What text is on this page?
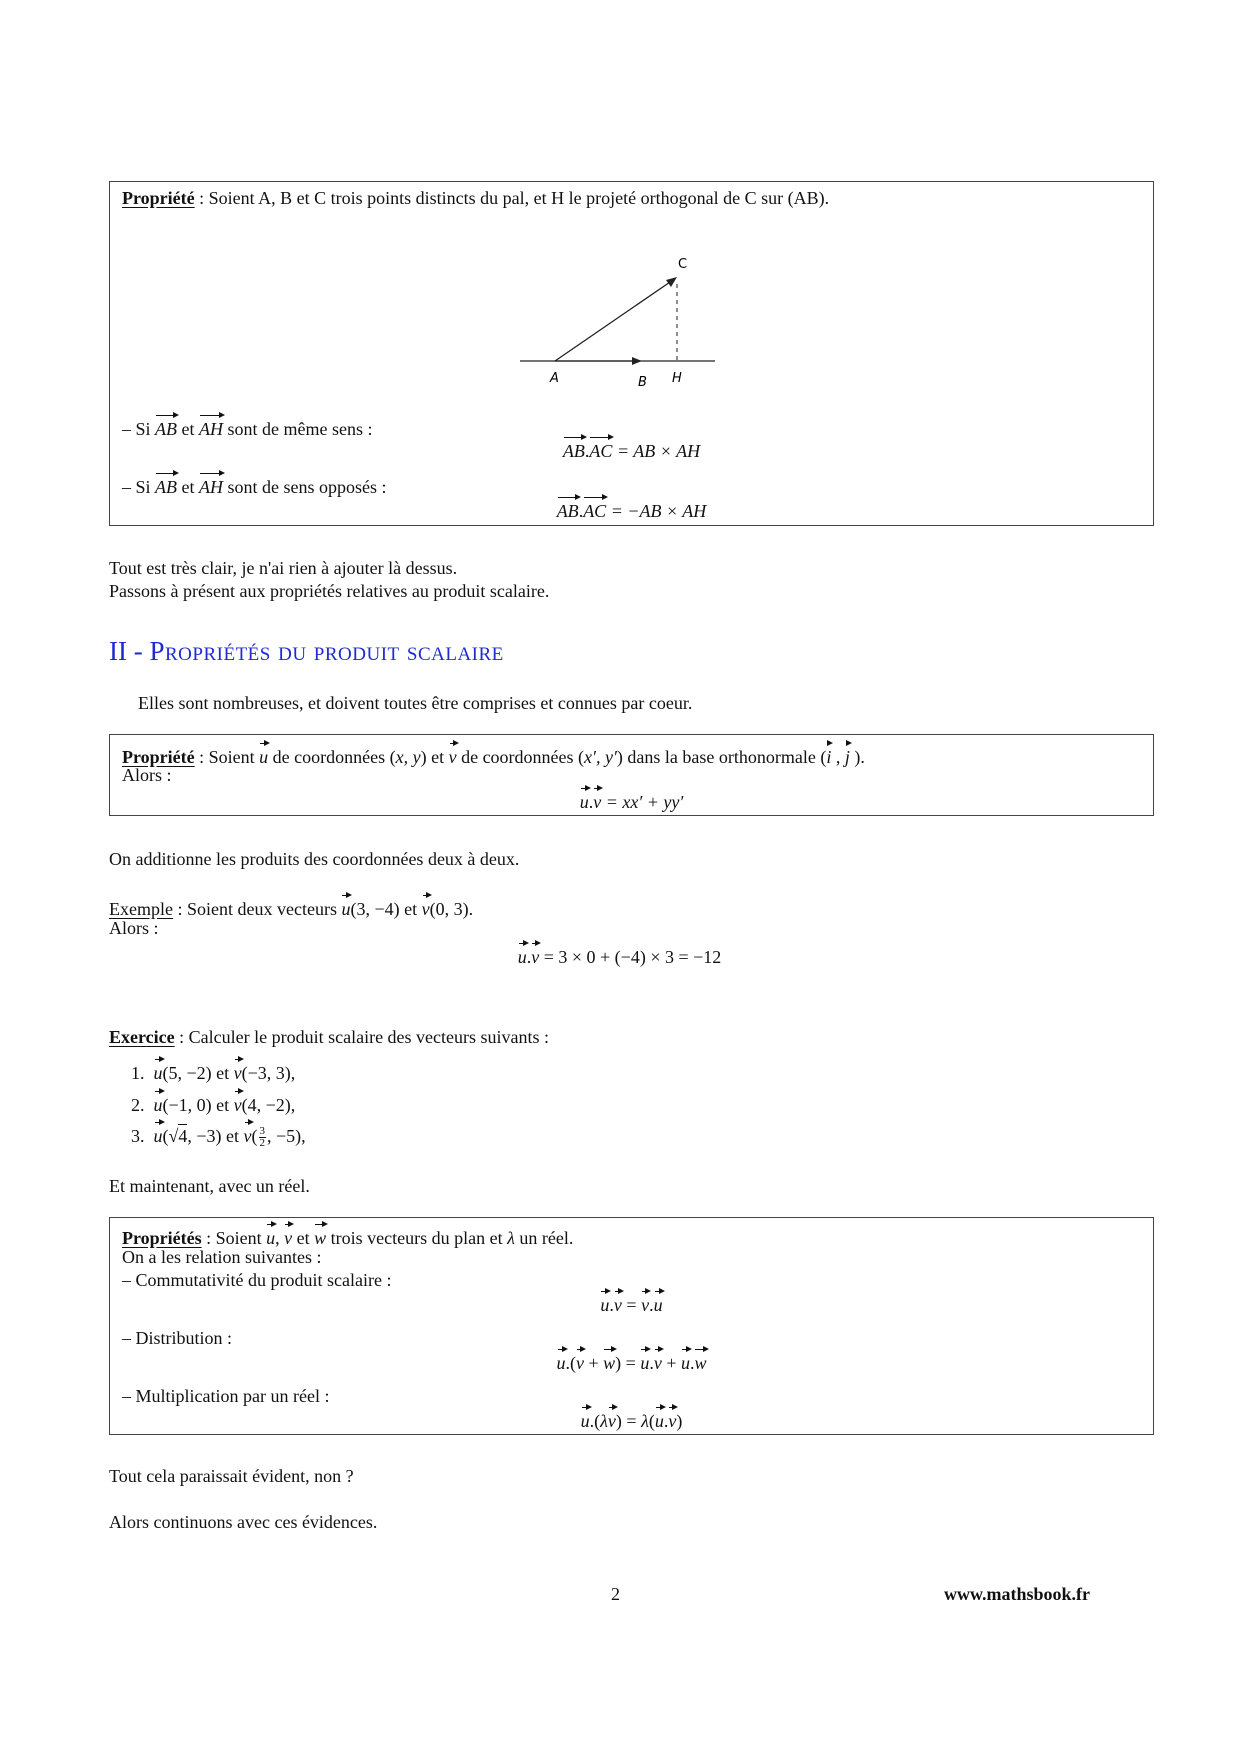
Propriété : Soient A, B et C trois points distincts du pal, et H le projeté orthogonal de C sur (AB).
A	B H
C
– Si AB et AH sont de même sens :
AB.AC = AB × AH
– Si AB et AH sont de sens opposés :
AB.AC = −AB × AH
Tout est très clair, je n'ai rien à ajouter là dessus.
Passons à présent aux propriétés relatives au produit scalaire.
II - Propriétés du produit scalaire
Elles sont nombreuses, et doivent toutes être comprises et connues par coeur.
Propriété : Soient u de coordonnées (x, y) et v de coordonnées (x′, y′) dans la base orthonormale (i , j ).
Alors :
u.v = xx′ + yy′
On additionne les produits des coordonnées deux à deux.
Exemple : Soient deux vecteurs u(3, −4) et v(0, 3).
Alors :
u.v = 3 × 0 + (−4) × 3 = −12
Exercice : Calculer le produit scalaire des vecteurs suivants :
1. u(5, −2) et v(−3, 3),
2. u(−1, 0) et v(4, −2),
3. u(√4, −3) et $v( \frac{3}{2}$ , −5),
Et maintenant, avec un réel.
Propriétés : Soient u, v et w trois vecteurs du plan et λ un réel.
On a les relation suivantes :
– Commutativité du produit scalaire :
u.v = v.u
– Distribution :
u.(v + w) = u.v + u.w
– Multiplication par un réel :
u.(λv) = λ(u.v)
Tout cela paraissait évident, non ?
Alors continuons avec ces évidences.
2	www.mathsbook.fr
